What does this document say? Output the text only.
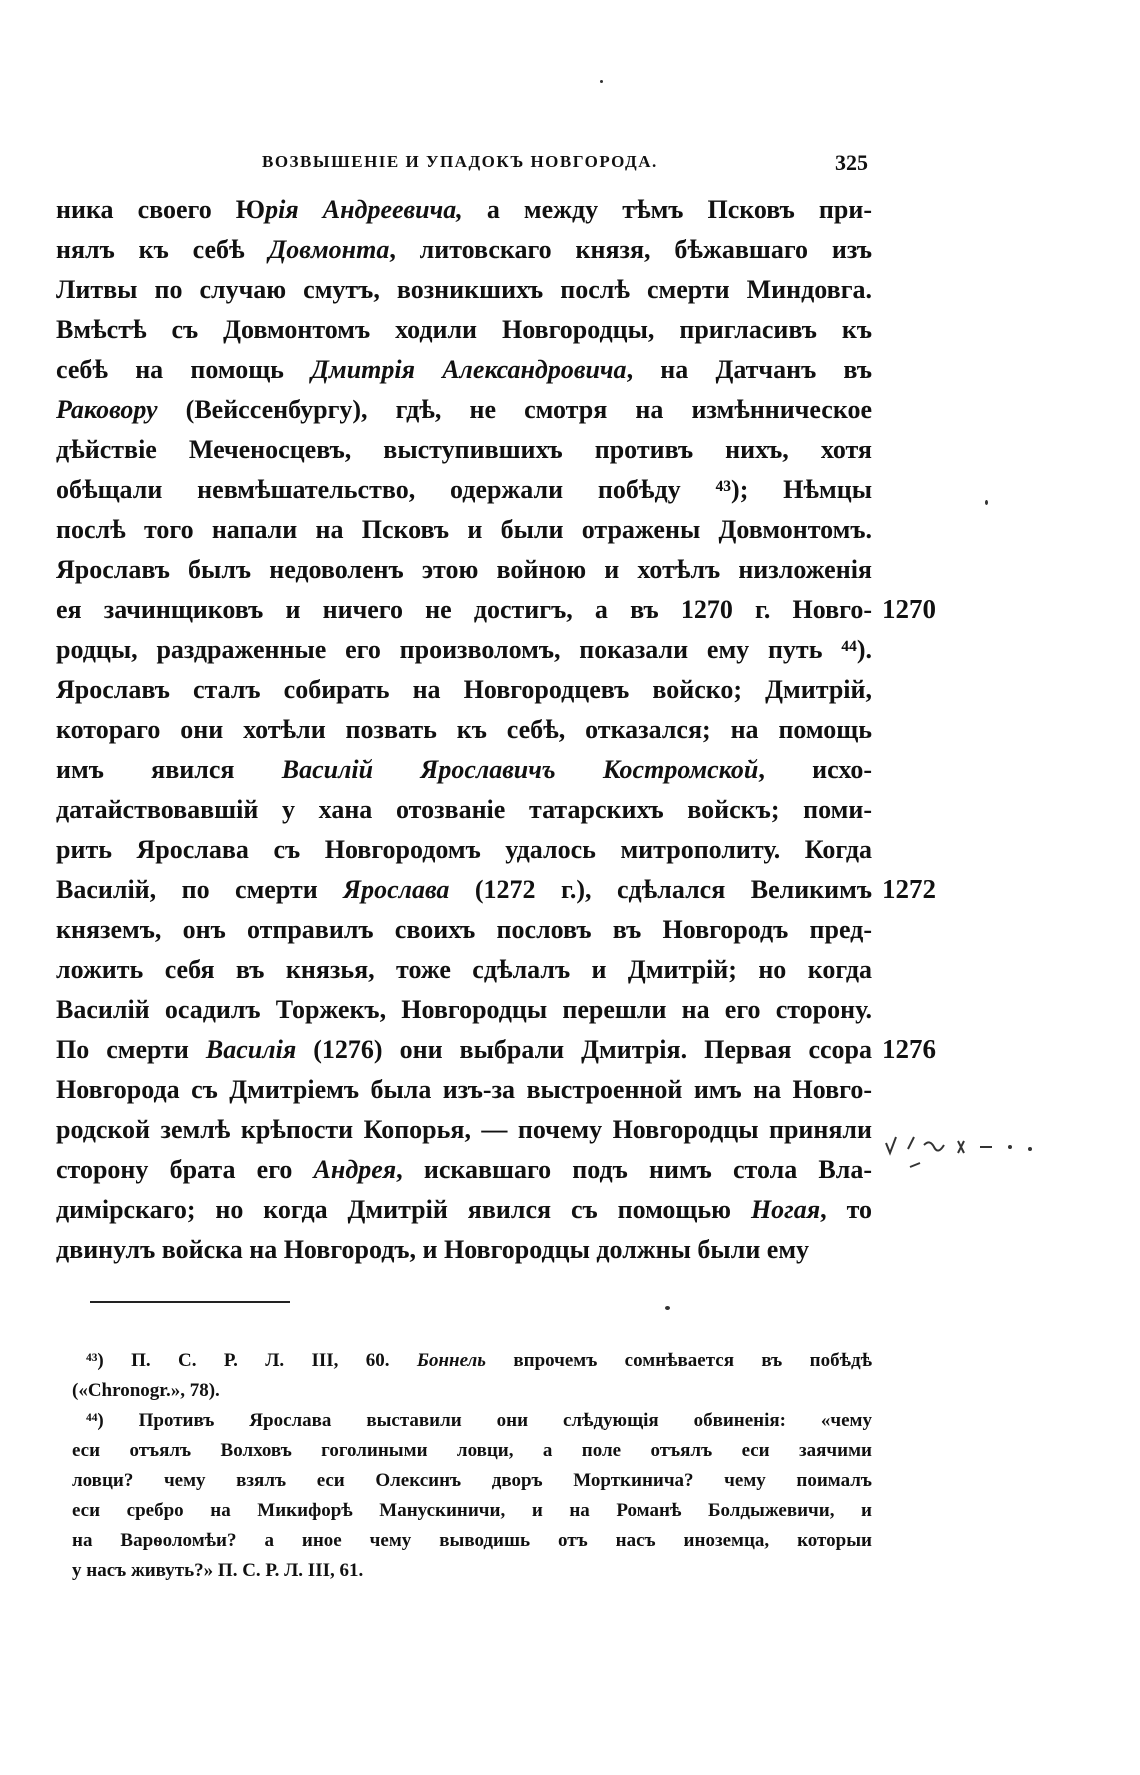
ВОЗВЫШЕНІЕ И УПАДОКЪ НОВГОРОДА.	325
ника своего Юрія Андреевича, а между тѣмъ Псковъ при-
нялъ къ себѣ Довмонта, литовскаго князя, бѣжавшаго изъ
Литвы по случаю смутъ, возникшихъ послѣ смерти Миндовга.
Вмѣстѣ съ Довмонтомъ ходили Новгородцы, пригласивъ къ
себѣ на помощь Дмитрія Александровича, на Датчанъ въ
Раковору (Вейссенбургу), гдѣ, не смотря на измѣнническое
дѣйствіе Меченосцевъ, выступившихъ противъ нихъ, хотя
обѣщали невмѣшательство, одержали побѣду ⁴³); Нѣмцы
послѣ того напали на Псковъ и были отражены Довмонтомъ.
Ярославъ былъ недоволенъ этою войною и хотѣлъ низложенія
ея зачинщиковъ и ничего не достигъ, а въ 1270 г. Новго-
родцы, раздраженные его произволомъ, показали ему путь ⁴⁴).
Ярославъ сталъ собирать на Новгородцевъ войско; Дмитрій,
котораго они хотѣли позвать къ себѣ, отказался; на помощь
имъ явился Василій Ярославичъ Костромской, исхо-
датайствовавшій у хана отозваніе татарскихъ войскъ; поми-
рить Ярослава съ Новгородомъ удалось митрополиту. Когда
Василій, по смерти Ярослава (1272 г.), сдѣлался Великимъ
княземъ, онъ отправилъ своихъ пословъ въ Новгородъ пред-
ложить себя въ князья, тоже сдѣлалъ и Дмитрій; но когда
Василій осадилъ Торжекъ, Новгородцы перешли на его сторону.
По смерти Василія (1276) они выбрали Дмитрія. Первая ссора
Новгорода съ Дмитріемъ была изъ-за выстроенной имъ на Новго-
родской землѣ крѣпости Копорья, — почему Новгородцы приняли
сторону брата его Андрея, искавшаго подъ нимъ стола Вла-
димірскаго; но когда Дмитрій явился съ помощью Ногая, то
двинулъ войска на Новгородъ, и Новгородцы должны были ему
1270
1272
1276
⁴³) П. С. Р. Л. III, 60. Боннель впрочемъ сомнѣвается въ побѣдѣ
(«Chronogr.», 78).
⁴⁴) Противъ Ярослава выставили они слѣдующія обвиненія: «чему
еси отъялъ Волховъ гоголиными ловци, а поле отъялъ еси заячими
ловци? чему взялъ еси Олексинъ дворъ Морткинича? чему поималъ
еси сребро на Микифорѣ Манускиничи, и на Романѣ Болдыжевичи, и
на Варѳоломѣи? а иное чему выводишь отъ насъ иноземца, которыи
у насъ живуть?» П. С. Р. Л. III, 61.
